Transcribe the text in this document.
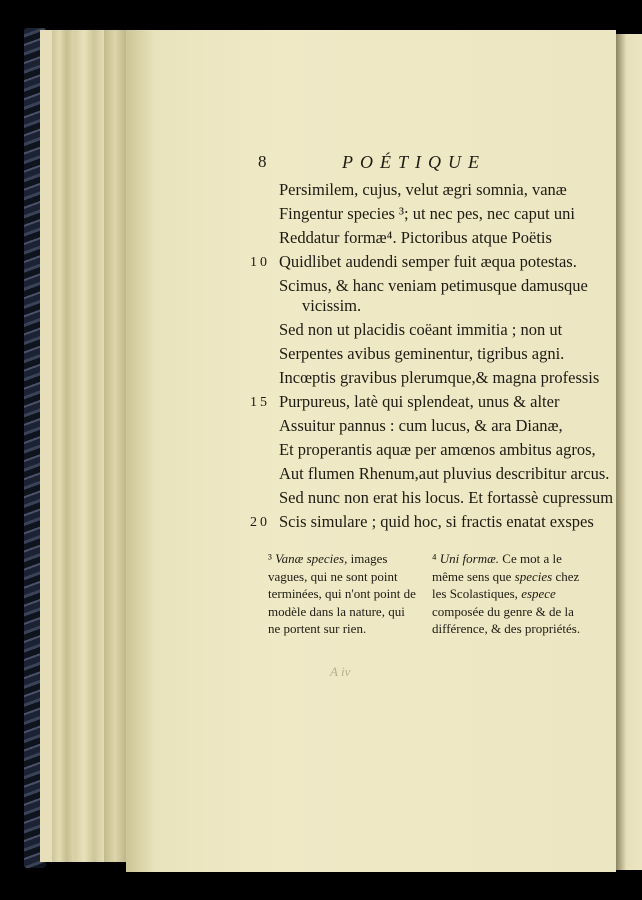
8	POÉTIQUE
Persimilem, cujus, velut ægri somnia, vanæ
Fingentur species ³; ut nec pes, nec caput uni
Reddatur formæ⁴. Pictoribus atque Poëtis
Quidlibet audendi semper fuit æqua potestas.
Scimus, & hanc veniam petimusque damusque
vicissim.
Sed non ut placidis coëant immitia ; non ut
Serpentes avibus geminentur, tigribus agni.
Incœptis gravibus plerumque,& magna professis
Purpureus, latè qui splendeat, unus & alter
Assuitur pannus : cum lucus, & ara Dianæ,
Et properantis aquæ per amœnos ambitus agros,
Aut flumen Rhenum,aut pluvius describitur arcus.
Sed nunc non erat his locus. Et fortassè cupressum
Scis simulare ; quid hoc, si fractis enatat exspes
10
15
20

³ Vanæ species, images vagues, qui ne sont point terminées, qui n'ont point de modèle dans la nature, qui ne portent sur rien.

⁴ Uni formæ. Ce mot a le même sens que species chez les Scolastiques, espece composée du genre & de la différence, & des propriétés.

A iv
